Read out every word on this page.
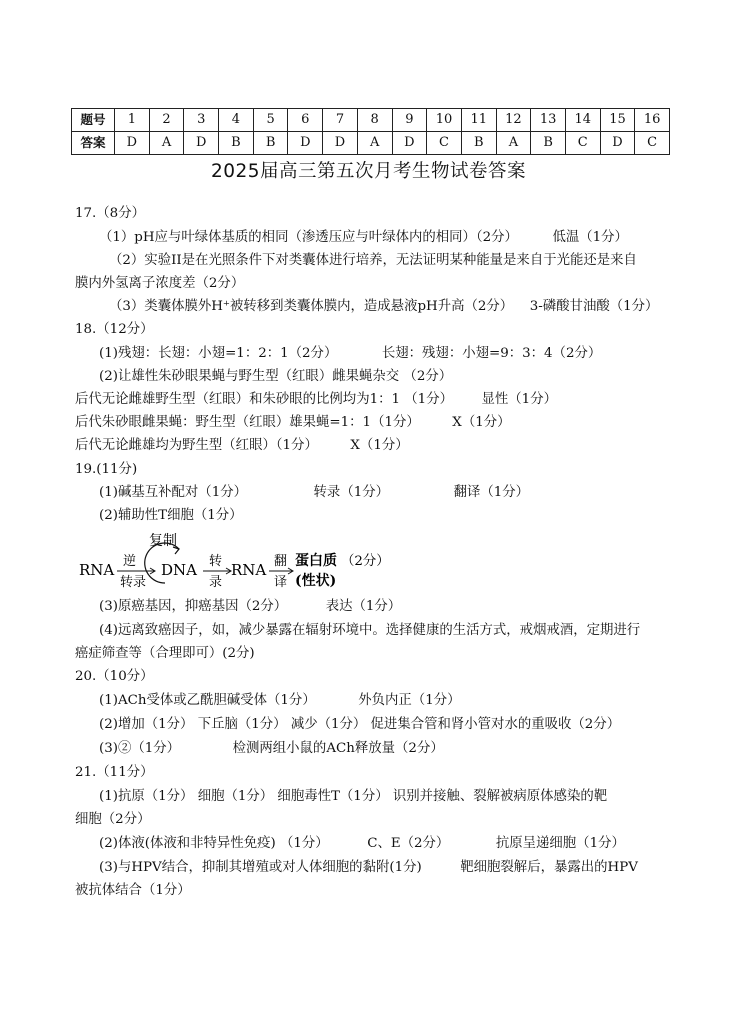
题号	1	2	3	4	5	6	7	8	9	10	11	12	13	14	15	16
答案	D	A	D	B	B	D	D	A	D	C	B	A	B	C	D	C
2025届高三第五次月考生物试卷答案
17.（8分）
（1）pH应与叶绿体基质的相同（渗透压应与叶绿体内的相同）（2分）	低温（1分）
（2）实验II是在光照条件下对类囊体进行培养，无法证明某种能量是来自于光能还是来自
膜内外氢离子浓度差（2分）
（3）类囊体膜外H⁺被转移到类囊体膜内，造成悬液pH升高（2分） 3-磷酸甘油酸（1分）
18.（12分）
(1)残翅：长翅：小翅=1：2：1（2分）	长翅：残翅：小翅=9：3：4（2分）
(2)让雄性朱砂眼果蝇与野生型（红眼）雌果蝇杂交 （2分）
后代无论雌雄野生型（红眼）和朱砂眼的比例均为1：1 （1分） 显性（1分）
后代朱砂眼雌果蝇：野生型（红眼）雄果蝇=1：1（1分） X（1分）
后代无论雌雄均为野生型（红眼）（1分） X（1分）
19.(11分)
(1)碱基互补配对（1分）	转录（1分）	翻译（1分）
(2)辅助性T细胞（1分）
RNA 逆
转录
复制
DNA 转
录
RNA 翻
译
蛋白质
(性状)
（2分）
(3)原癌基因，抑癌基因（2分）	表达（1分）
(4)远离致癌因子，如，减少暴露在辐射环境中。选择健康的生活方式，戒烟戒酒，定期进行
癌症筛查等（合理即可）(2分)
20.（10分）
(1)ACh受体或乙酰胆碱受体（1分）	外负内正（1分）
(2)增加（1分） 下丘脑（1分） 减少（1分） 促进集合管和肾小管对水的重吸收（2分）
(3)②（1分）	检测两组小鼠的ACh释放量（2分）
21.（11分）
(1)抗原（1分） 细胞（1分） 细胞毒性T（1分） 识别并接触、裂解被病原体感染的靶
细胞（2分）
(2)体液(体液和非特异性免疫) （1分）	C、E（2分）	抗原呈递细胞（1分）
(3)与HPV结合，抑制其增殖或对人体细胞的黏附(1分)	靶细胞裂解后，暴露出的HPV
被抗体结合（1分）
